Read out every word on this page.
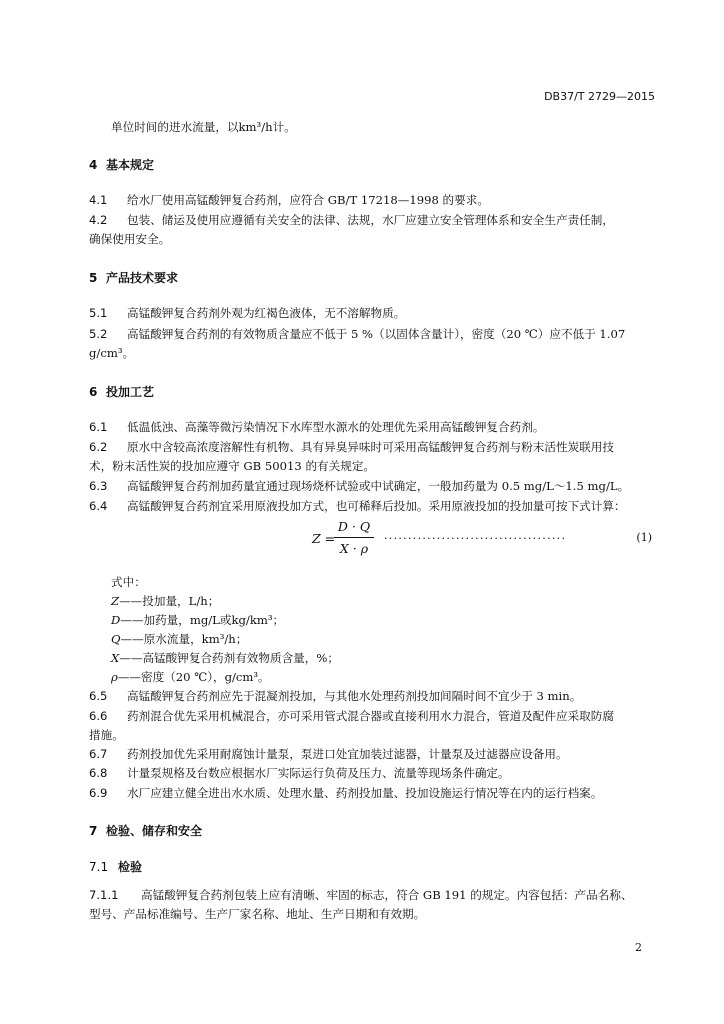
DB37/T 2729—2015
单位时间的进水流量，以km³/h计。
4 基本规定
4.1 给水厂使用高锰酸钾复合药剂，应符合 GB/T 17218—1998 的要求。
4.2 包装、储运及使用应遵循有关安全的法律、法规，水厂应建立安全管理体系和安全生产责任制，
确保使用安全。
5 产品技术要求
5.1 高锰酸钾复合药剂外观为红褐色液体，无不溶解物质。
5.2 高锰酸钾复合药剂的有效物质含量应不低于 5 %（以固体含量计），密度（20 ℃）应不低于 1.07
g/cm³。
6 投加工艺
6.1 低温低浊、高藻等微污染情况下水库型水源水的处理优先采用高锰酸钾复合药剂。
6.2 原水中含较高浓度溶解性有机物、具有异臭异味时可采用高锰酸钾复合药剂与粉末活性炭联用技
术，粉末活性炭的投加应遵守 GB 50013 的有关规定。
6.3 高锰酸钾复合药剂加药量宜通过现场烧杯试验或中试确定，一般加药量为 0.5 mg/L～1.5 mg/L。
6.4 高锰酸钾复合药剂宜采用原液投加方式，也可稀释后投加。采用原液投加的投加量可按下式计算：
Z =
D · Q
X · ρ
......................................	(1)
式中：
Z——投加量，L/h；
D——加药量，mg/L或kg/km³；
Q——原水流量，km³/h；
X——高锰酸钾复合药剂有效物质含量，%；
ρ——密度（20 ℃），g/cm³。
6.5 高锰酸钾复合药剂应先于混凝剂投加，与其他水处理药剂投加间隔时间不宜少于 3 min。
6.6 药剂混合优先采用机械混合，亦可采用管式混合器或直接利用水力混合，管道及配件应采取防腐
措施。
6.7 药剂投加优先采用耐腐蚀计量泵，泵进口处宜加装过滤器，计量泵及过滤器应设备用。
6.8 计量泵规格及台数应根据水厂实际运行负荷及压力、流量等现场条件确定。
6.9 水厂应建立健全进出水水质、处理水量、药剂投加量、投加设施运行情况等在内的运行档案。
7 检验、储存和安全
7.1 检验
7.1.1 高锰酸钾复合药剂包装上应有清晰、牢固的标志，符合 GB 191 的规定。内容包括：产品名称、
型号、产品标准编号、生产厂家名称、地址、生产日期和有效期。
2
